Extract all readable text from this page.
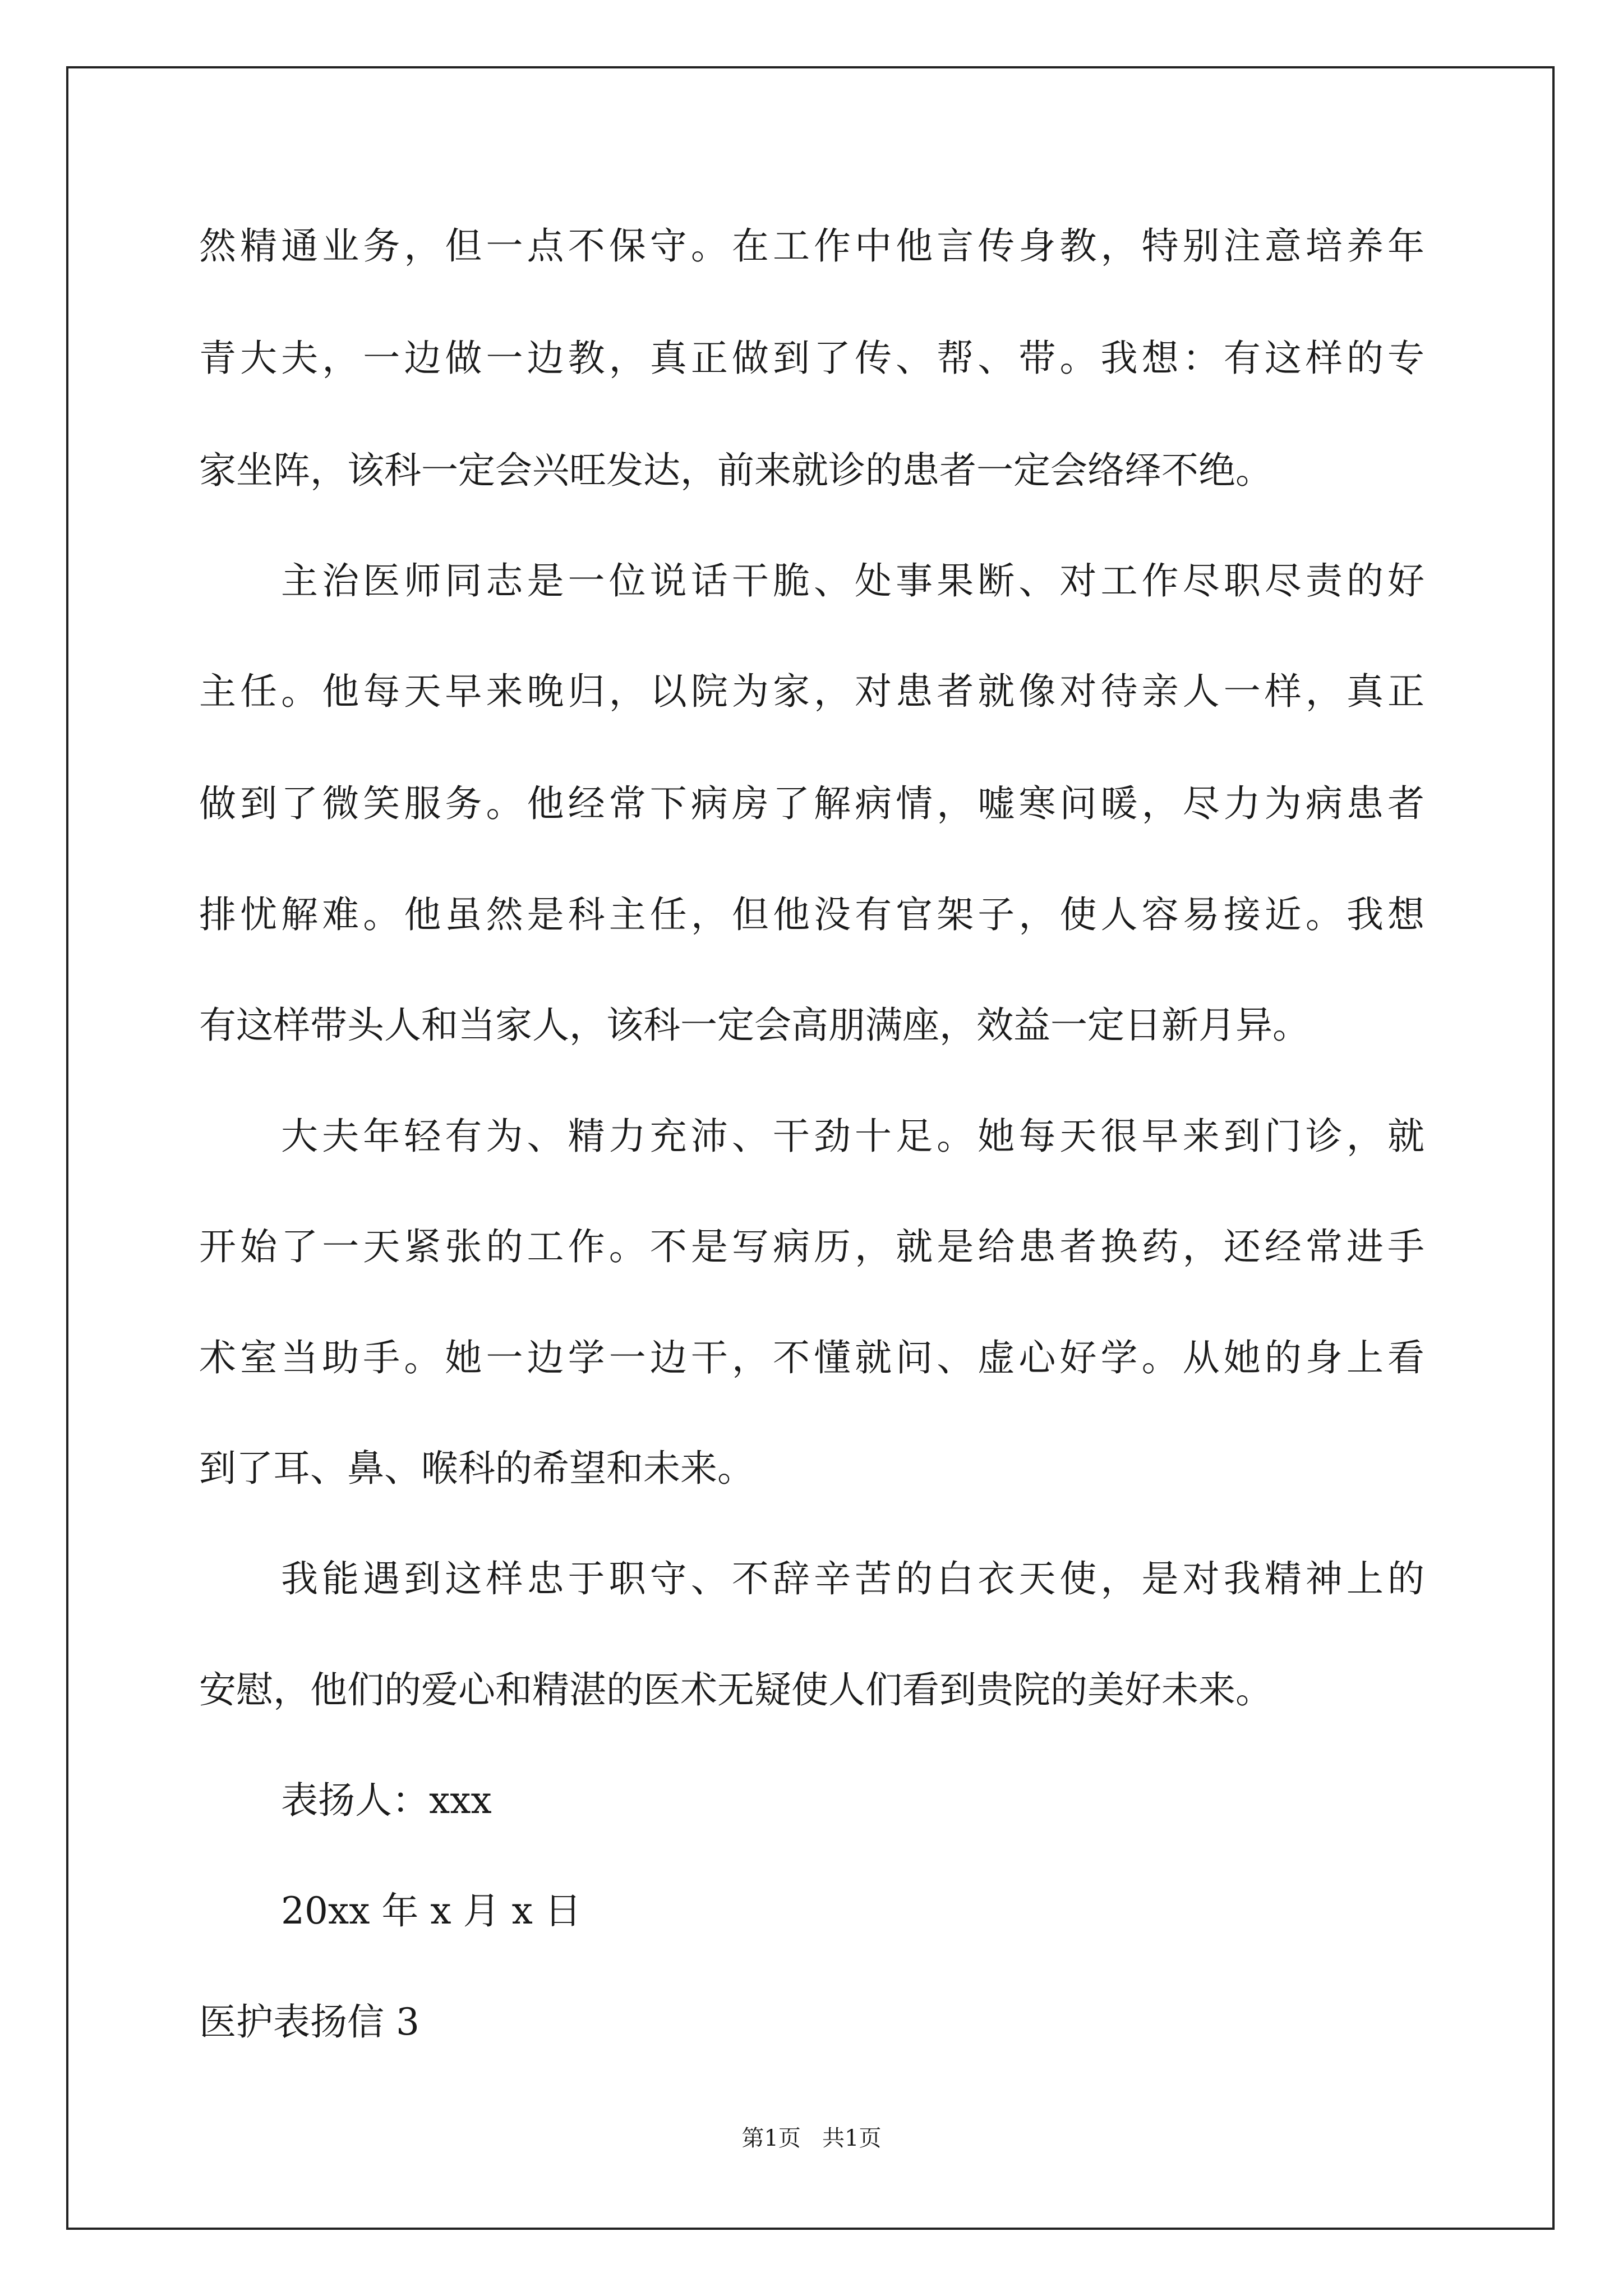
然精通业务，但一点不保守。在工作中他言传身教，特别注意培养年
青大夫，一边做一边教，真正做到了传、帮、带。我想：有这样的专
家坐阵，该科一定会兴旺发达，前来就诊的患者一定会络绎不绝。
主治医师同志是一位说话干脆、处事果断、对工作尽职尽责的好
主任。他每天早来晚归，以院为家，对患者就像对待亲人一样，真正
做到了微笑服务。他经常下病房了解病情，嘘寒问暖，尽力为病患者
排忧解难。他虽然是科主任，但他没有官架子，使人容易接近。我想
有这样带头人和当家人，该科一定会高朋满座，效益一定日新月异。
大夫年轻有为、精力充沛、干劲十足。她每天很早来到门诊，就
开始了一天紧张的工作。不是写病历，就是给患者换药，还经常进手
术室当助手。她一边学一边干，不懂就问、虚心好学。从她的身上看
到了耳、鼻、喉科的希望和未来。
我能遇到这样忠于职守、不辞辛苦的白衣天使，是对我精神上的
安慰，他们的爱心和精湛的医术无疑使人们看到贵院的美好未来。
表扬人：xxx
20xx 年 x 月 x 日
医护表扬信 3
第1页   共1页
